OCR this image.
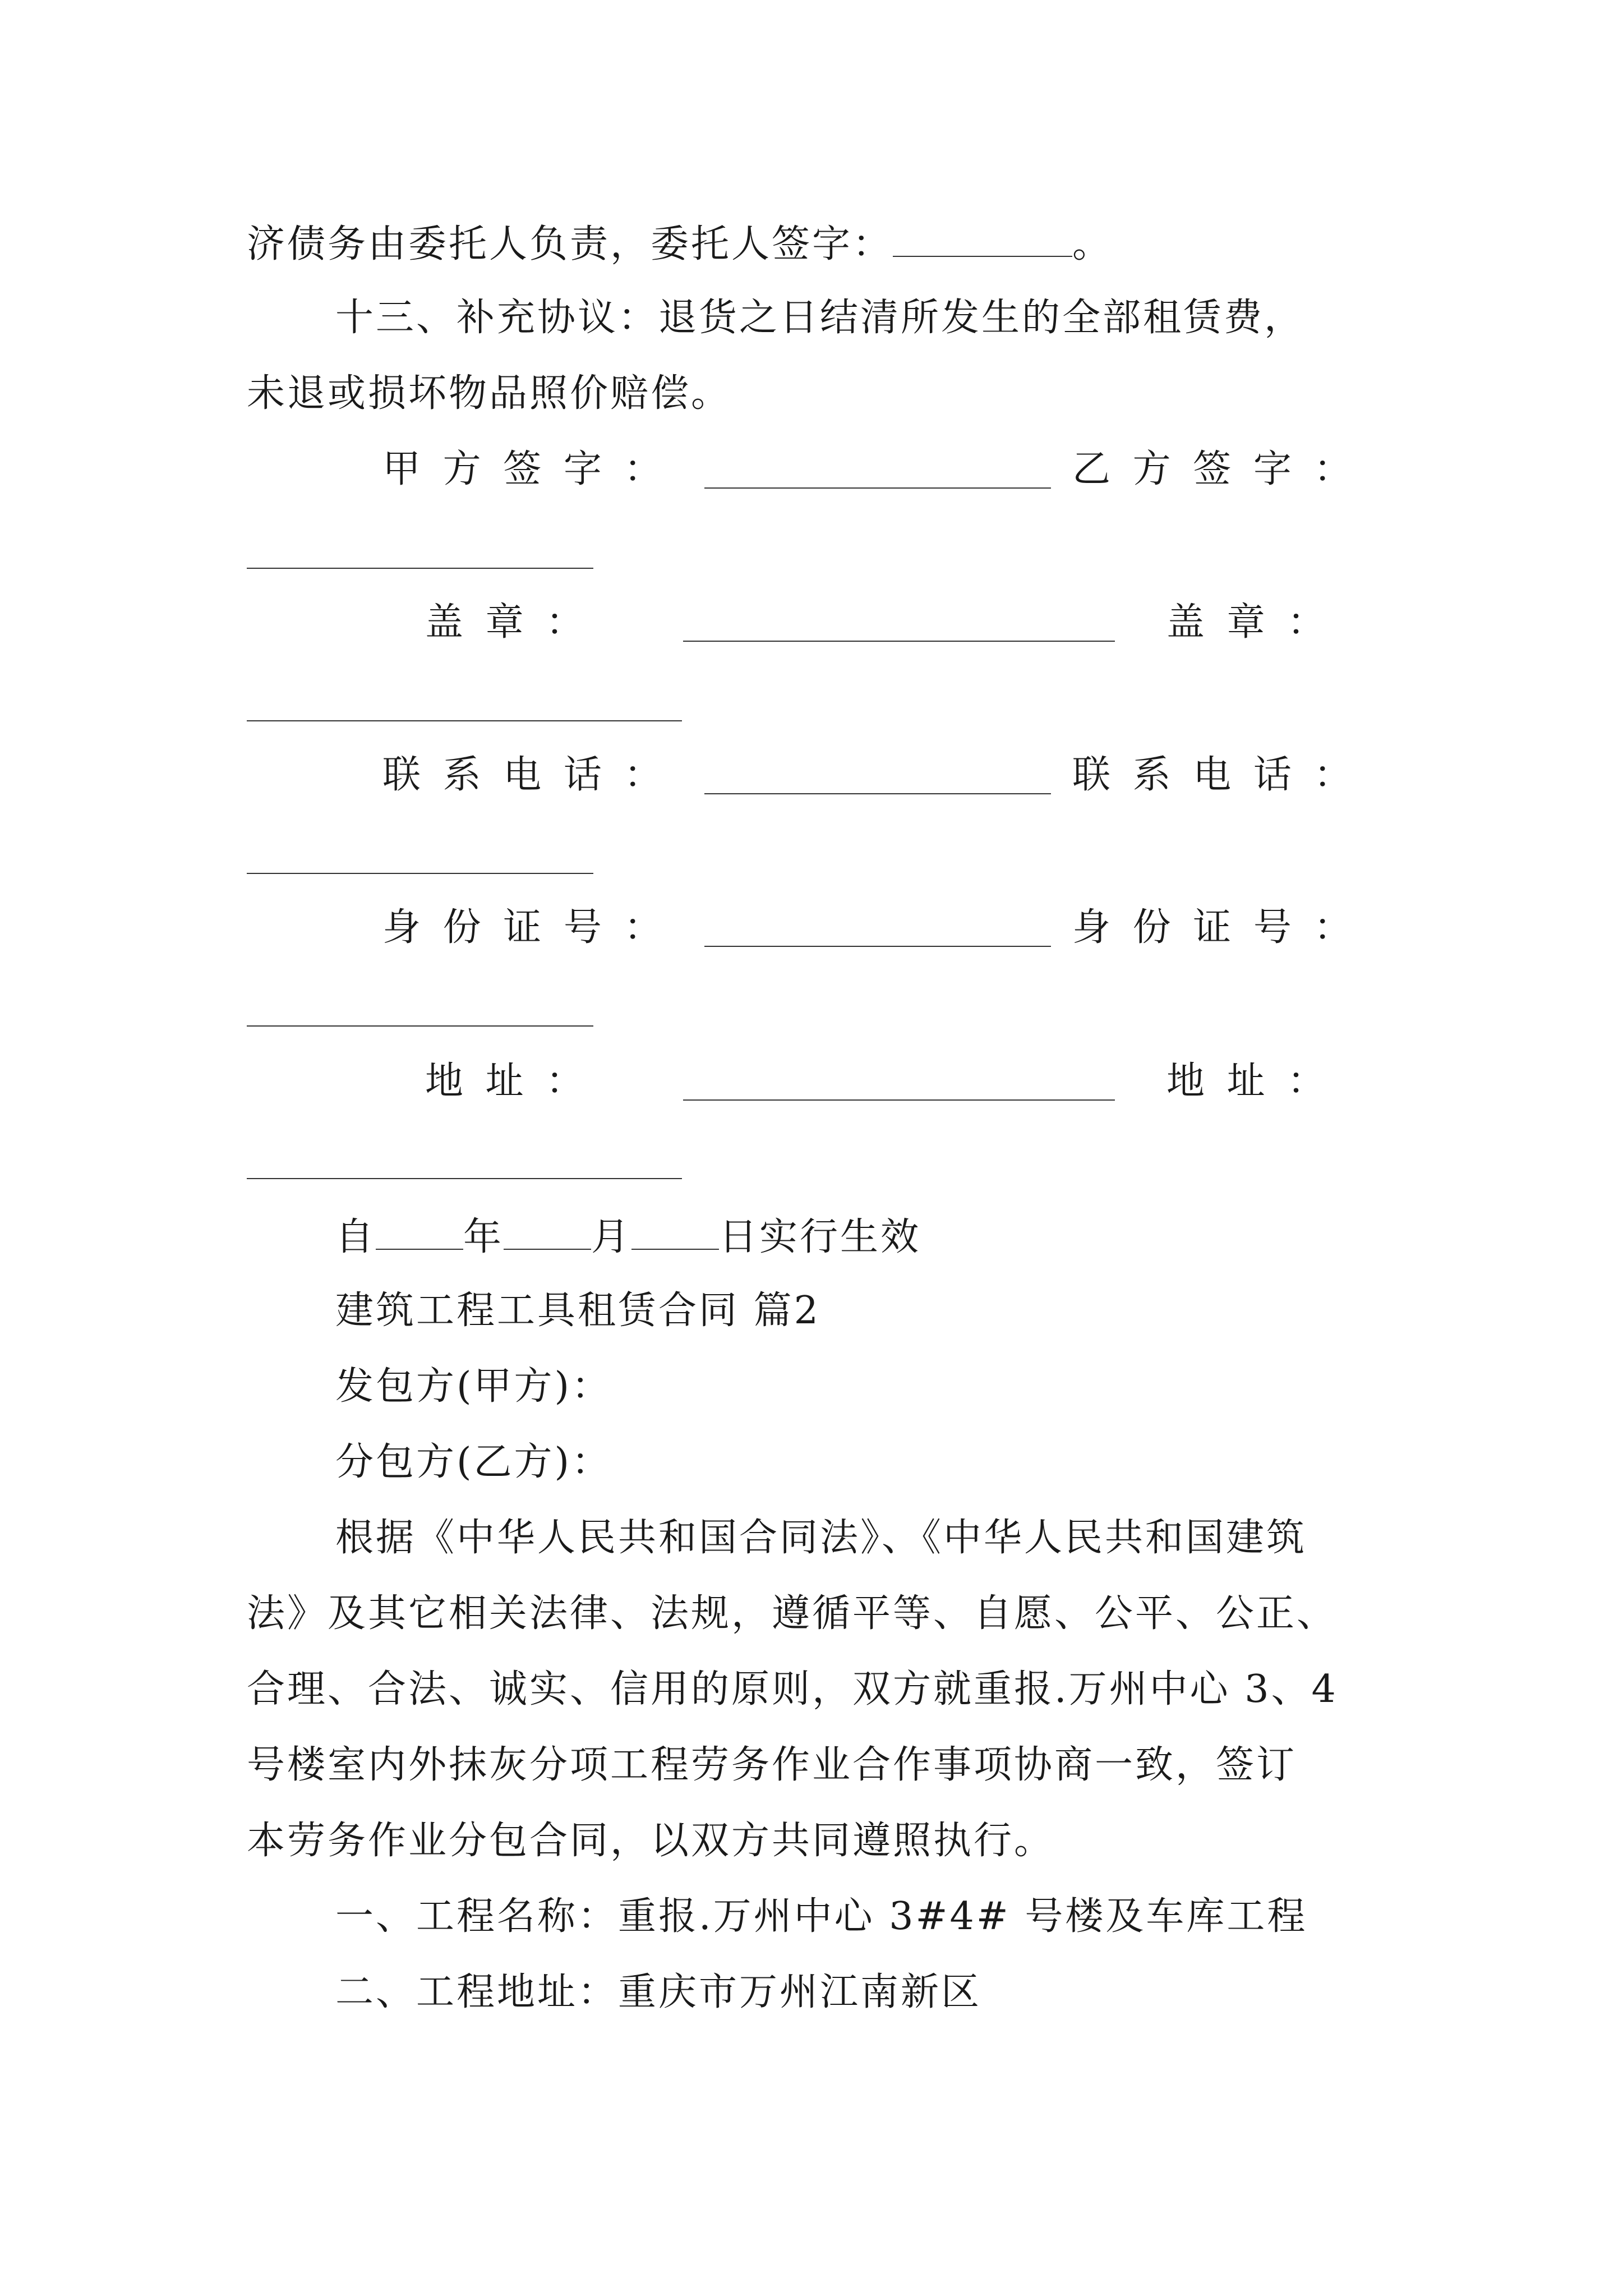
济债务由委托人负责，委托人签字：	。
十三、补充协议：退货之日结清所发生的全部租赁费，
未退或损坏物品照价赔偿。
甲 方 签 字 ：	乙 方 签 字 ：
盖 章 ：	盖 章 ：
联 系 电 话 ：	联 系 电 话 ：
身 份 证 号 ：	身 份 证 号 ：
地 址 ：	地 址 ：
自 年 月 日实行生效
建筑工程工具租赁合同 篇2
发包方(甲方)：
分包方(乙方)：
根据《中华人民共和国合同法》、《中华人民共和国建筑
法》及其它相关法律、法规，遵循平等、自愿、公平、公正、
合理、合法、诚实、信用的原则，双方就重报.万州中心 3、4
号楼室内外抹灰分项工程劳务作业合作事项协商一致，签订
本劳务作业分包合同，以双方共同遵照执行。
一、工程名称：重报.万州中心 3#4# 号楼及车库工程
二、工程地址：重庆市万州江南新区
